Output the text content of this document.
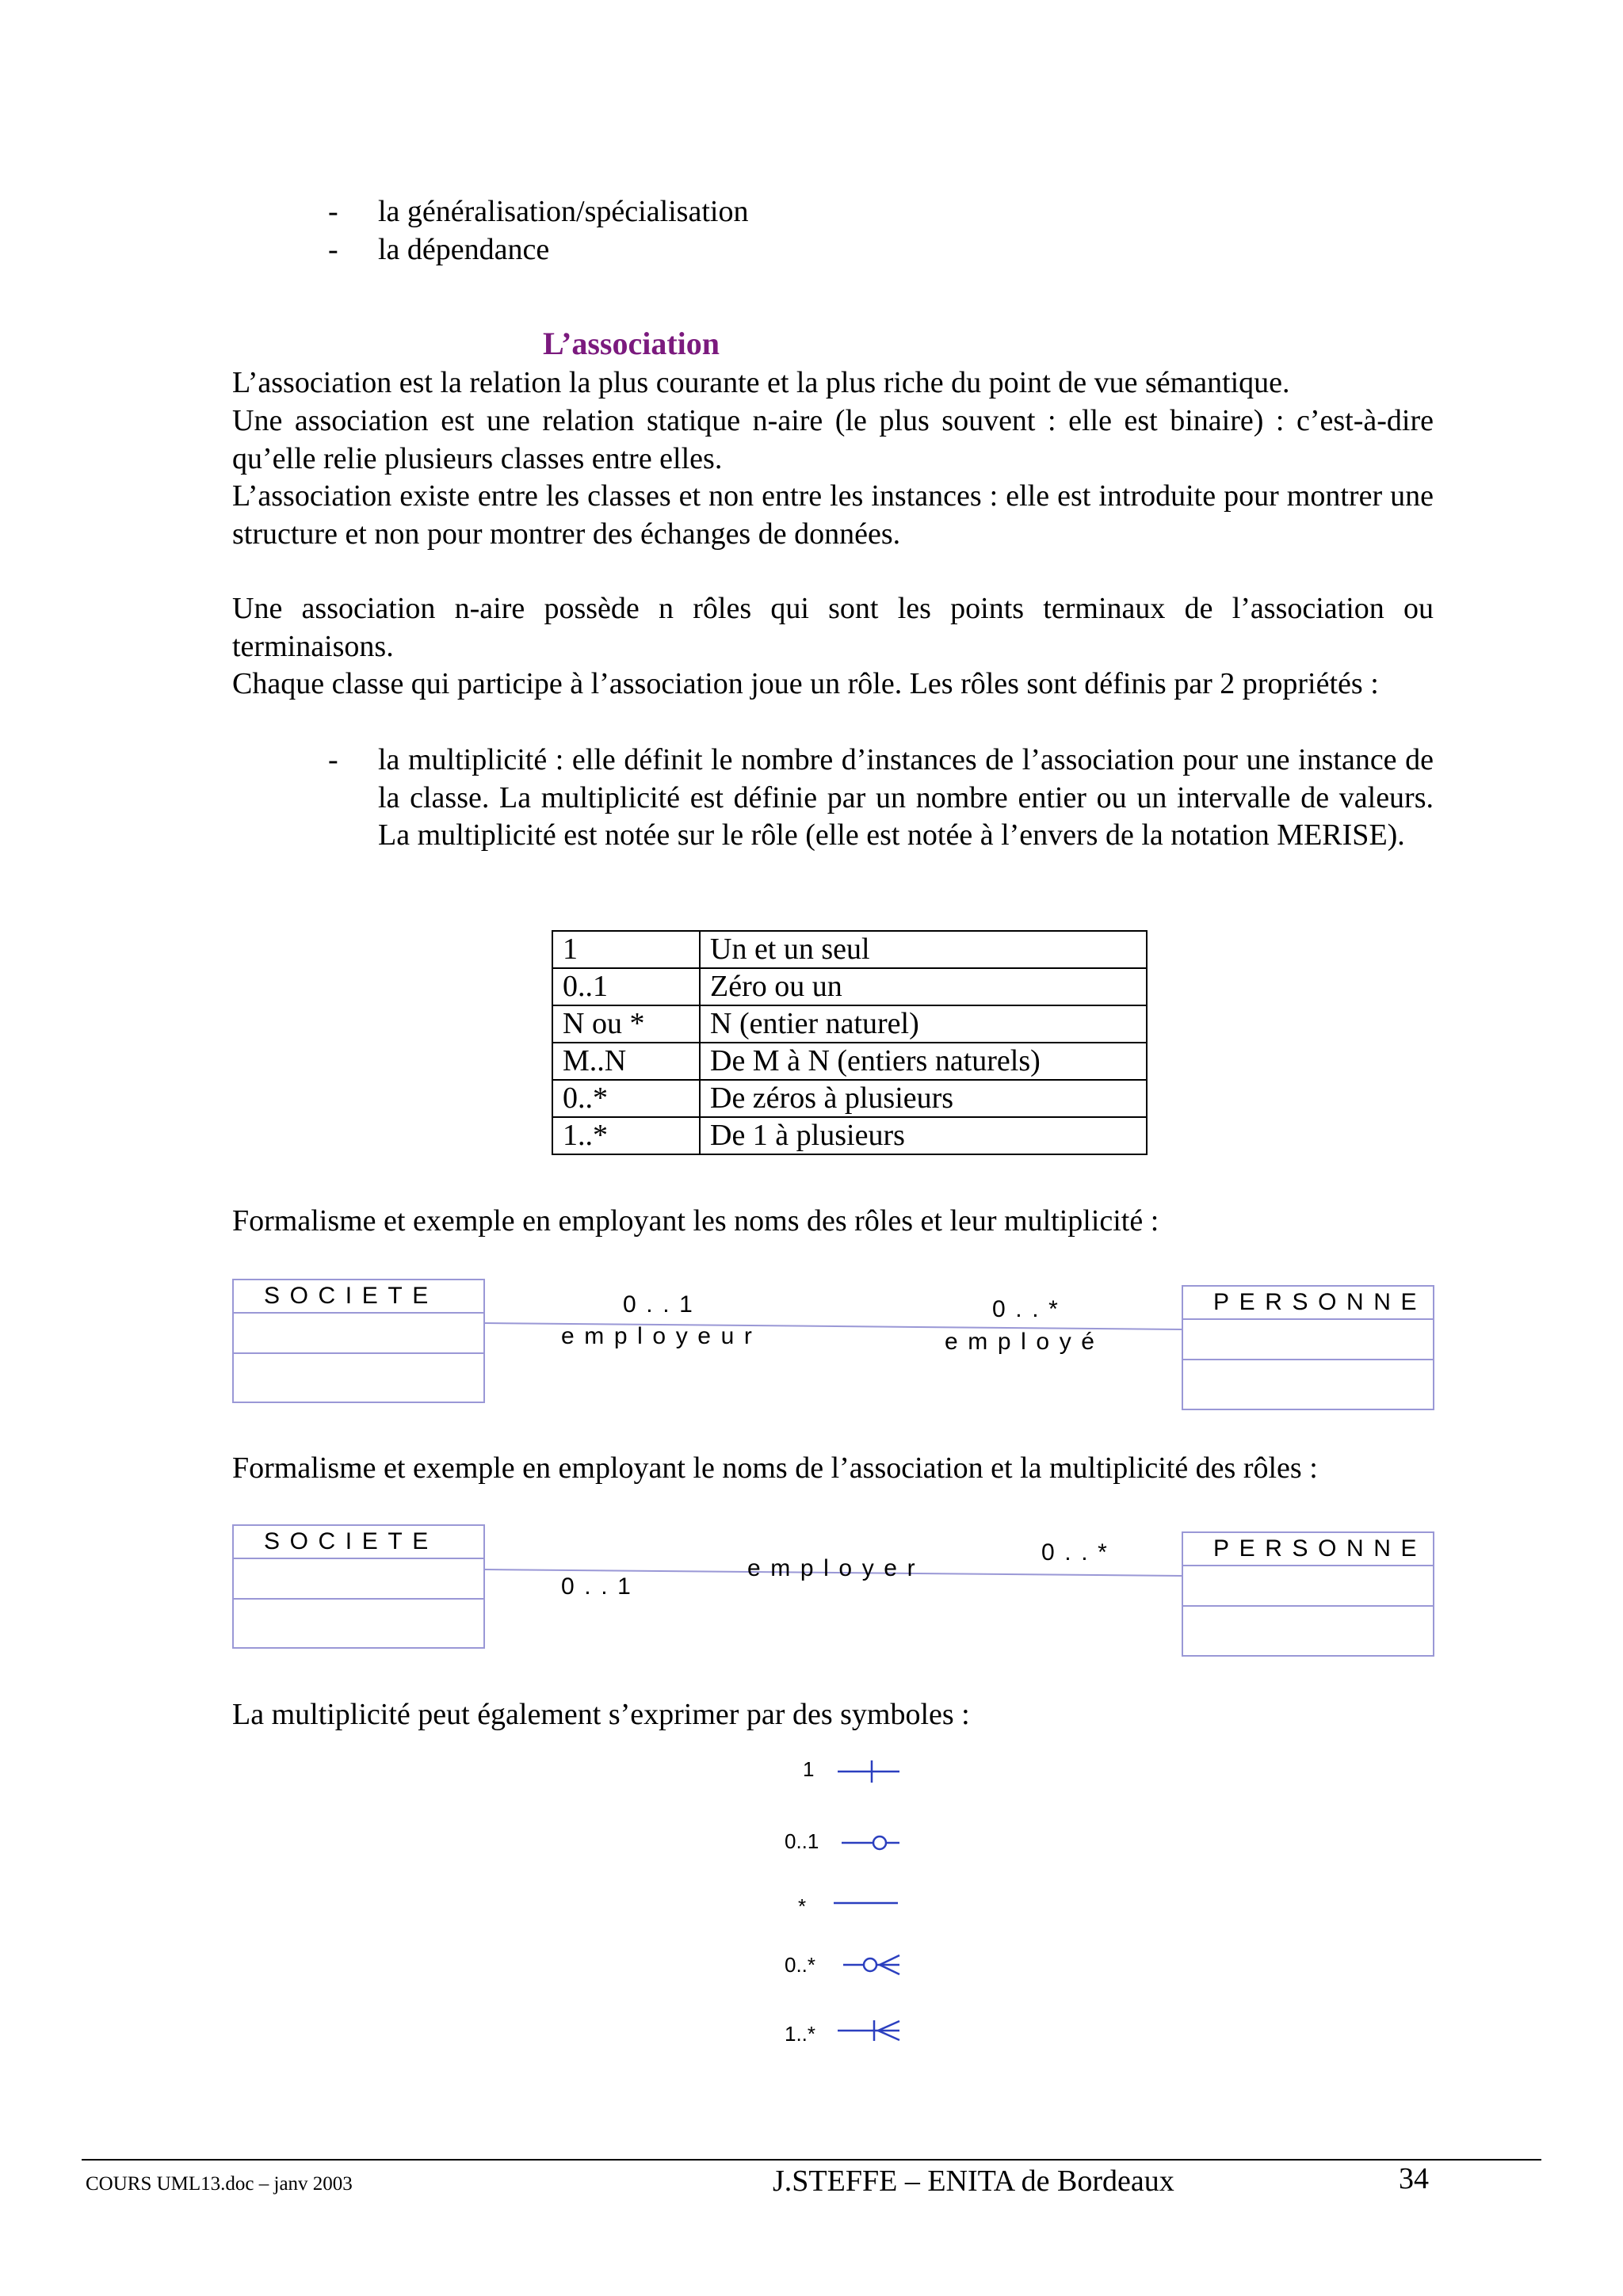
- la généralisation/spécialisation
- la dépendance
L’association
L’association est la relation la plus courante et la plus riche du point de vue sémantique.
Une association est une relation statique n-aire (le plus souvent : elle est binaire) : c’est-à-dire qu’elle relie plusieurs classes entre elles.
L’association existe entre les classes et non entre les instances : elle est introduite pour montrer une structure et non pour montrer des échanges de données.
Une association n-aire possède n rôles qui sont les points terminaux de l’association ou terminaisons.
Chaque classe qui participe à l’association joue un rôle. Les rôles sont définis par 2 propriétés :
- la multiplicité : elle définit le nombre d’instances de l’association pour une instance de la classe. La multiplicité est définie par un nombre entier ou un intervalle de valeurs. La multiplicité est notée sur le rôle (elle est notée à l’envers de la notation MERISE).
1	Un et un seul
0..1	Zéro ou un
N ou *	N (entier naturel)
M..N	De M à N (entiers naturels)
0..*	De zéros à plusieurs
1..*	De 1 à plusieurs
Formalisme et exemple en employant les noms des rôles et leur multiplicité :
SOCIETE	PERSONNE
0..1
employeur
0..*
employé
Formalisme et exemple en employant le noms de l’association et la multiplicité des rôles :
SOCIETE	PERSONNE
0..1
employer
0..*
La multiplicité peut également s’exprimer par des symboles :
1
0..1
*
0..*
1..*
COURS UML13.doc – janv 2003	J.STEFFE – ENITA de Bordeaux	34
